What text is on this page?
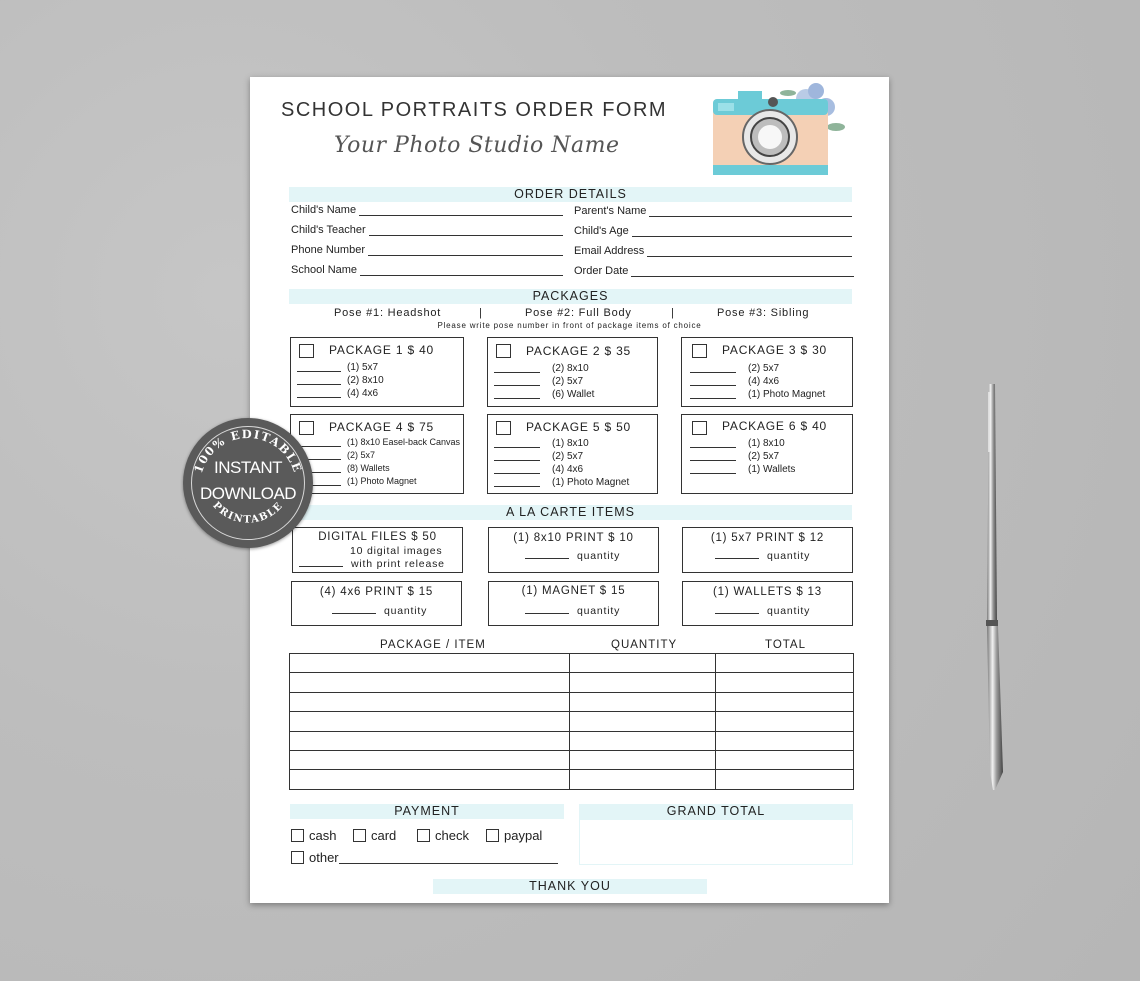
SCHOOL PORTRAITS ORDER FORM
Your Photo Studio Name
ORDER DETAILS
Child's Name
Child's Teacher
Phone Number
School Name
Parent's Name
Child's Age
Email Address
Order Date
PACKAGES
Pose #1: Headshot	|	Pose #2: Full Body	|	Pose #3: Sibling
Please write pose number in front of package items of choice
PACKAGE 1 $ 40
(1) 5x7
(2) 8x10
(4) 4x6
PACKAGE 2 $ 35
(2) 8x10
(2) 5x7
(6) Wallet
PACKAGE 3 $ 30
(2) 5x7
(4) 4x6
(1) Photo Magnet
PACKAGE 4 $ 75
(1) 8x10 Easel-back Canvas
(2) 5x7
(8) Wallets
(1) Photo Magnet
PACKAGE 5 $ 50
(1) 8x10
(2) 5x7
(4) 4x6
(1) Photo Magnet
PACKAGE 6 $ 40
(1) 8x10
(2) 5x7
(1) Wallets
A LA CARTE ITEMS
DIGITAL FILES $ 50
10 digital images
with print release
(1) 8x10 PRINT $ 10
quantity
(1) 5x7 PRINT $ 12
quantity
(4) 4x6 PRINT $ 15
quantity
(1) MAGNET $ 15
quantity
(1) WALLETS $ 13
quantity
PACKAGE / ITEM	QUANTITY	TOTAL

PAYMENT
cash	card	check	paypal
other
GRAND TOTAL
THANK YOU
100% EDITABLE
PRINTABLE
INSTANT
DOWNLOAD
